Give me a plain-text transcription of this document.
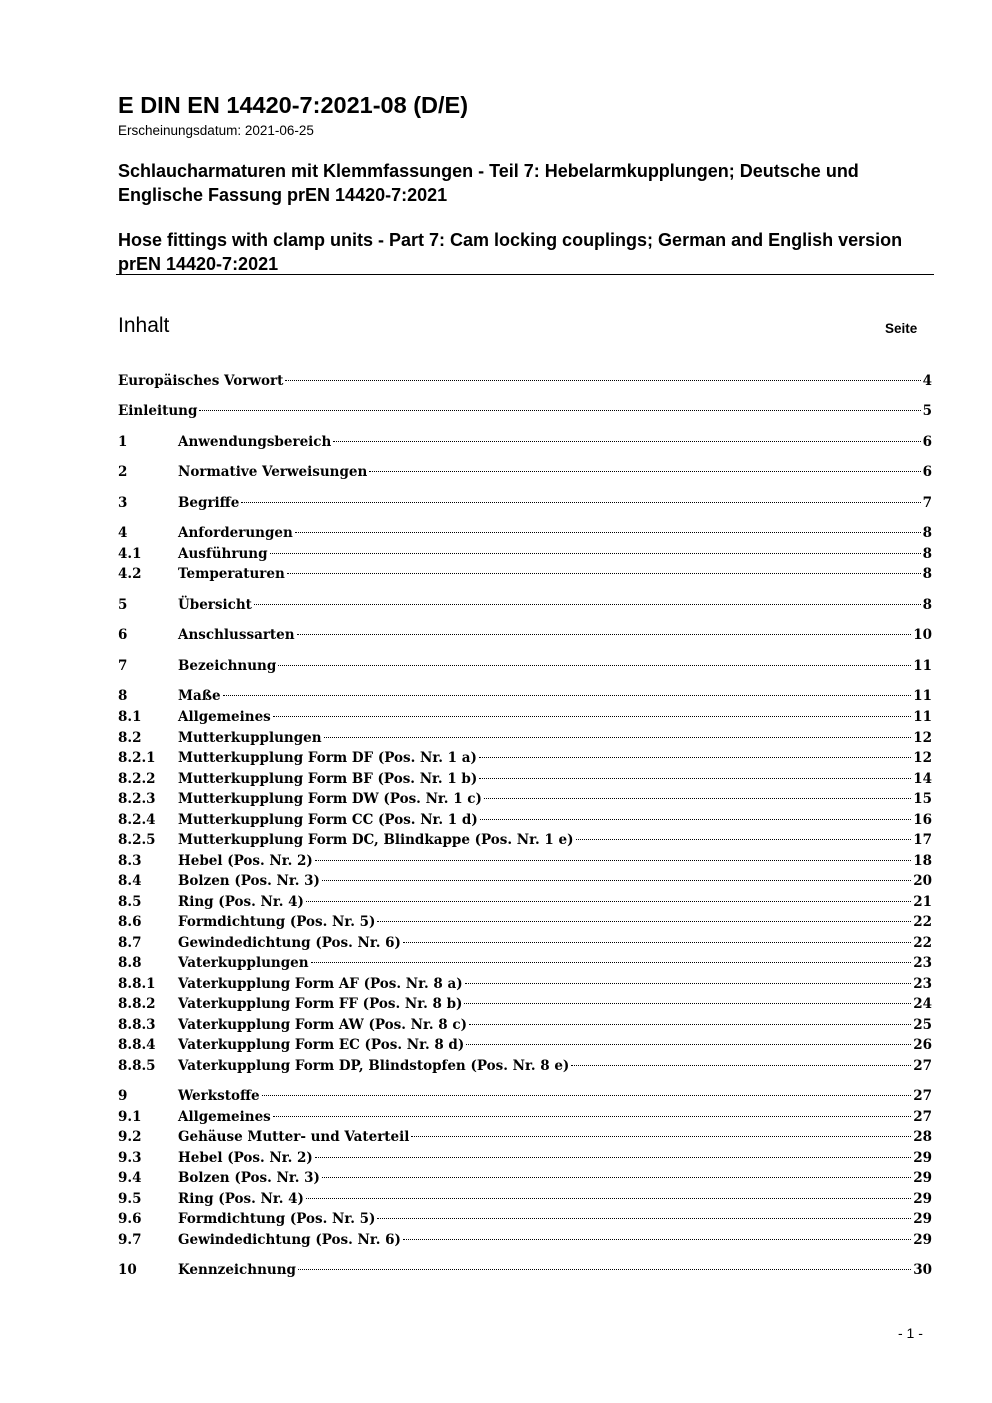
E DIN EN 14420-7:2021-08 (D/E)
Erscheinungsdatum: 2021-06-25
Schlaucharmaturen mit Klemmfassungen - Teil 7: Hebelarmkupplungen; Deutsche und Englische Fassung prEN 14420-7:2021
Hose fittings with clamp units - Part 7: Cam locking couplings; German and English version prEN 14420-7:2021
Inhalt	Seite
Europäisches Vorwort	4
Einleitung	5
1	Anwendungsbereich	6
2	Normative Verweisungen	6
3	Begriffe	7
4	Anforderungen	8
4.1	Ausführung	8
4.2	Temperaturen	8
5	Übersicht	8
6	Anschlussarten	10
7	Bezeichnung	11
8	Maße	11
8.1	Allgemeines	11
8.2	Mutterkupplungen	12
8.2.1	Mutterkupplung Form DF (Pos. Nr. 1 a)	12
8.2.2	Mutterkupplung Form BF (Pos. Nr. 1 b)	14
8.2.3	Mutterkupplung Form DW (Pos. Nr. 1 c)	15
8.2.4	Mutterkupplung Form CC (Pos. Nr. 1 d)	16
8.2.5	Mutterkupplung Form DC, Blindkappe (Pos. Nr. 1 e)	17
8.3	Hebel (Pos. Nr. 2)	18
8.4	Bolzen (Pos. Nr. 3)	20
8.5	Ring (Pos. Nr. 4)	21
8.6	Formdichtung (Pos. Nr. 5)	22
8.7	Gewindedichtung (Pos. Nr. 6)	22
8.8	Vaterkupplungen	23
8.8.1	Vaterkupplung Form AF (Pos. Nr. 8 a)	23
8.8.2	Vaterkupplung Form FF (Pos. Nr. 8 b)	24
8.8.3	Vaterkupplung Form AW (Pos. Nr. 8 c)	25
8.8.4	Vaterkupplung Form EC (Pos. Nr. 8 d)	26
8.8.5	Vaterkupplung Form DP, Blindstopfen (Pos. Nr. 8 e)	27
9	Werkstoffe	27
9.1	Allgemeines	27
9.2	Gehäuse Mutter- und Vaterteil	28
9.3	Hebel (Pos. Nr. 2)	29
9.4	Bolzen (Pos. Nr. 3)	29
9.5	Ring (Pos. Nr. 4)	29
9.6	Formdichtung (Pos. Nr. 5)	29
9.7	Gewindedichtung (Pos. Nr. 6)	29
10	Kennzeichnung	30
- 1 -
